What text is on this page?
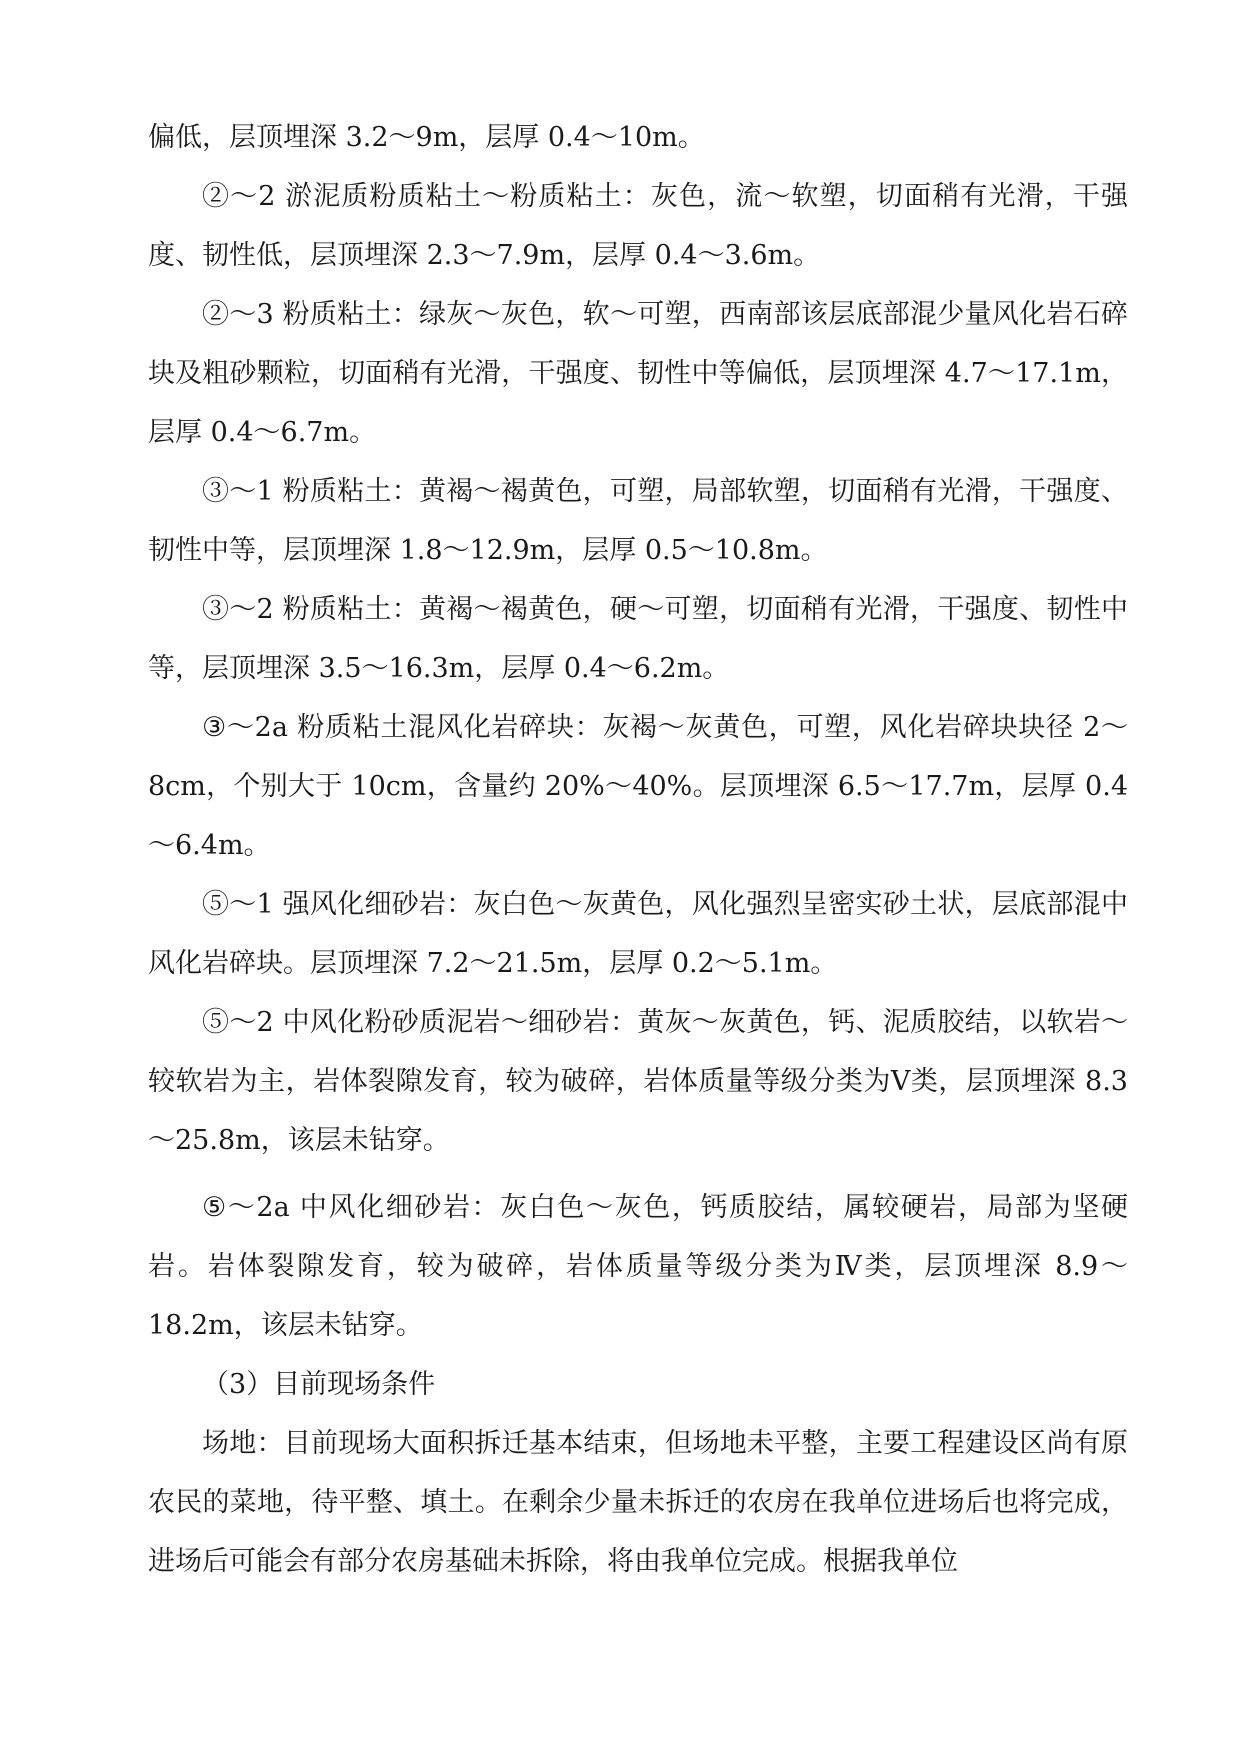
偏低，层顶埋深 3.2～9m，层厚 0.4～10m。

②～2 淤泥质粉质粘土～粉质粘土：灰色，流～软塑，切面稍有光滑，干强度、韧性低，层顶埋深 2.3～7.9m，层厚 0.4～3.6m。

②～3 粉质粘土：绿灰～灰色，软～可塑，西南部该层底部混少量风化岩石碎块及粗砂颗粒，切面稍有光滑，干强度、韧性中等偏低，层顶埋深 4.7～17.1m，层厚 0.4～6.7m。

③～1 粉质粘土：黄褐～褐黄色，可塑，局部软塑，切面稍有光滑，干强度、韧性中等，层顶埋深 1.8～12.9m，层厚 0.5～10.8m。

③～2 粉质粘土：黄褐～褐黄色，硬～可塑，切面稍有光滑，干强度、韧性中等，层顶埋深 3.5～16.3m，层厚 0.4～6.2m。

③～2a 粉质粘土混风化岩碎块：灰褐～灰黄色，可塑，风化岩碎块块径 2～8cm，个别大于 10cm，含量约 20%～40%。层顶埋深 6.5～17.7m，层厚 0.4～6.4m。

⑤～1 强风化细砂岩：灰白色～灰黄色，风化强烈呈密实砂土状，层底部混中风化岩碎块。层顶埋深 7.2～21.5m，层厚 0.2～5.1m。

⑤～2 中风化粉砂质泥岩～细砂岩：黄灰～灰黄色，钙、泥质胶结，以软岩～较软岩为主，岩体裂隙发育，较为破碎，岩体质量等级分类为Ⅴ类，层顶埋深 8.3～25.8m，该层未钻穿。

⑤～2a 中风化细砂岩：灰白色～灰色，钙质胶结，属较硬岩，局部为坚硬岩。岩体裂隙发育，较为破碎，岩体质量等级分类为Ⅳ类，层顶埋深 8.9～18.2m，该层未钻穿。

（3）目前现场条件

场地：目前现场大面积拆迁基本结束，但场地未平整，主要工程建设区尚有原农民的菜地，待平整、填土。在剩余少量未拆迁的农房在我单位进场后也将完成，进场后可能会有部分农房基础未拆除，将由我单位完成。根据我单位
